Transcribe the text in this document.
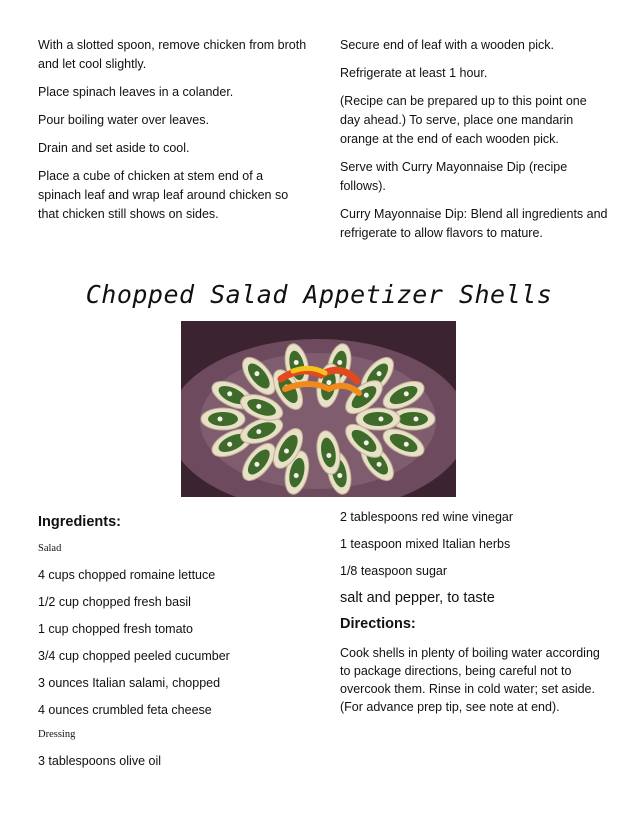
With a slotted spoon, remove chicken from broth and let cool slightly.

Place spinach leaves in a colander.

Pour boiling water over leaves.

Drain and set aside to cool.

Place a cube of chicken at stem end of a spinach leaf and wrap leaf around chicken so that chicken still shows on sides.

Secure end of leaf with a wooden pick.

Refrigerate at least 1 hour.

(Recipe can be prepared up to this point one day ahead.) To serve, place one mandarin orange at the end of each wooden pick.

Serve with Curry Mayonnaise Dip (recipe follows).

Curry Mayonnaise Dip: Blend all ingredients and refrigerate to allow flavors to mature.

Chopped Salad Appetizer Shells
Ingredients:
Salad
4 cups chopped romaine lettuce
1/2 cup chopped fresh basil
1 cup chopped fresh tomato
3/4 cup chopped peeled cucumber
3 ounces Italian salami, chopped
4 ounces crumbled feta cheese
Dressing
3 tablespoons olive oil
2 tablespoons red wine vinegar
1 teaspoon mixed Italian herbs
1/8 teaspoon sugar
salt and pepper, to taste
Directions:
Cook shells in plenty of boiling water according to package directions, being careful not to overcook them. Rinse in cold water; set aside. (For advance prep tip, see note at end).
